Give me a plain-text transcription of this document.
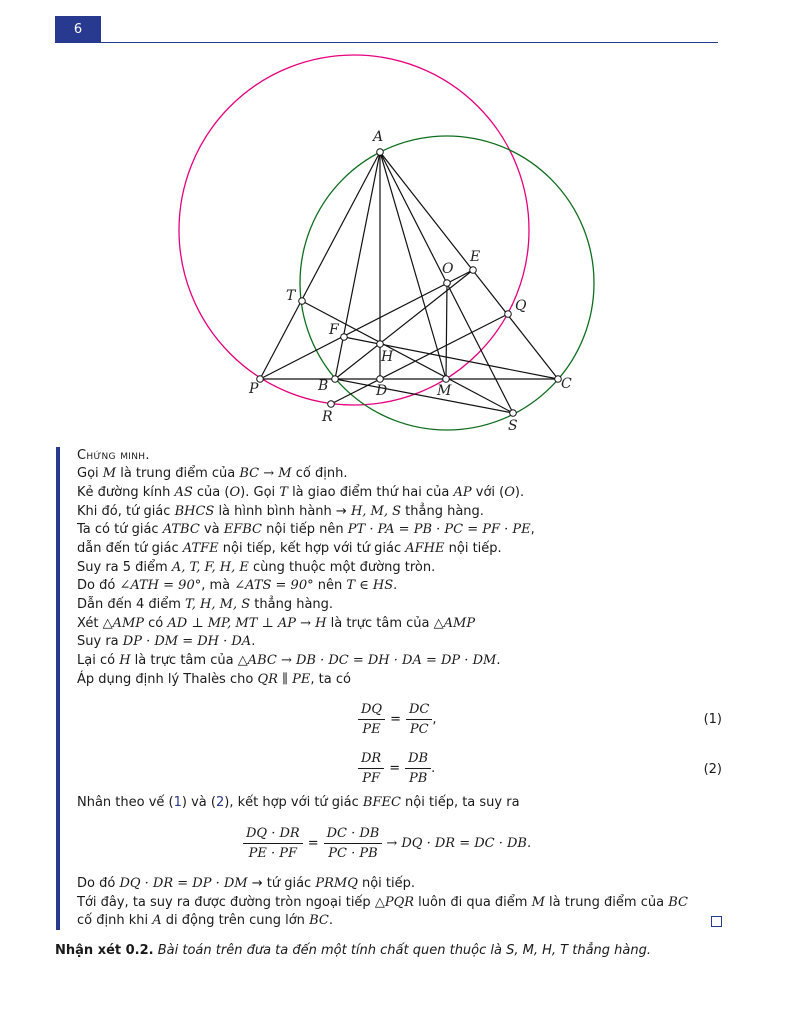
6
A
O
E
T
Q
F
H
P	B	D	M	C
R
S
Chứng minh.
Gọi M là trung điểm của BC → M cố định.
Kẻ đường kính AS của (O). Gọi T là giao điểm thứ hai của AP với (O).
Khi đó, tứ giác BHCS là hình bình hành → H, M, S thẳng hàng.
Ta có tứ giác ATBC và EFBC nội tiếp nên PT · PA = PB · PC = PF · PE,
dẫn đến tứ giác ATFE nội tiếp, kết hợp với tứ giác AFHE nội tiếp.
Suy ra 5 điểm A, T, F, H, E cùng thuộc một đường tròn.
Do đó ∠ATH = 90°, mà ∠ATS = 90° nên T ∈ HS.
Dẫn đến 4 điểm T, H, M, S thẳng hàng.
Xét △AMP có AD ⊥ MP, MT ⊥ AP → H là trực tâm của △AMP
Suy ra DP · DM = DH · DA.
Lại có H là trực tâm của △ABC → DB · DC = DH · DA = DP · DM.
Áp dụng định lý Thalès cho QR ∥ PE, ta có
$\frac{DQ}{PE} = \frac{DC}{PC}$ ,	(1)
$\frac{DR}{PF} = \frac{DB}{PB}$ .	(2)
Nhân theo vế (1) và (2), kết hợp với tứ giác BFEC nội tiếp, ta suy ra
$\frac{DQ \cdot DR}{PE \cdot PF} = \frac{DC \cdot DB}{PC \cdot PB}$ → DQ · DR = DC · DB.
Do đó DQ · DR = DP · DM → tứ giác PRMQ nội tiếp.
Tới đây, ta suy ra được đường tròn ngoại tiếp △PQR luôn đi qua điểm M là trung điểm của BC
cố định khi A di động trên cung lớn BC.
Nhận xét 0.2. Bài toán trên đưa ta đến một tính chất quen thuộc là S, M, H, T thẳng hàng.
